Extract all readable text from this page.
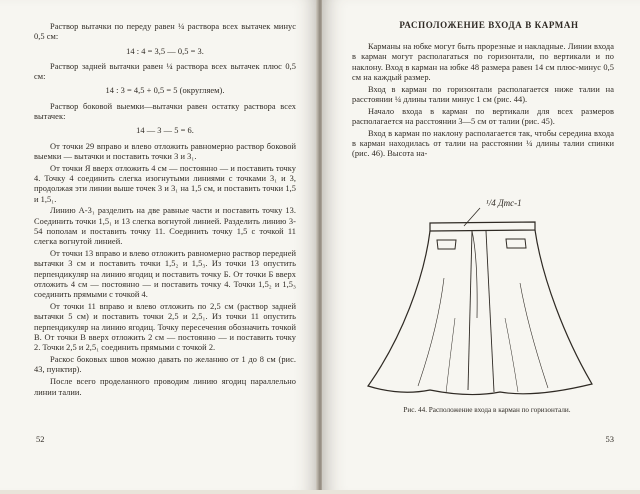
Раствор вытачки по переду равен ¼ раствора всех вытачек минус 0,5 см:

14 : 4 = 3,5 — 0,5 = 3.

Раствор задней вытачки равен ¼ раствора всех вытачек плюс 0,5 см:

14 : 3 = 4,5 + 0,5 = 5 (округляем).

Раствор боковой выемки—вытачки равен остатку раствора всех вытачек:

14 — 3 — 5 = 6.

От точки 29 вправо и влево отложить равномерно раствор боковой выемки — вытачки и поставить точки 3 и 3₁.

От точки Я вверх отложить 4 см — постоянно — и поставить точку 4. Точку 4 соединить слегка изогнутыми линиями с точками 3₁ и 3, продолжая эти линии выше точек 3 и 3₁ на 1,5 см, и поставить точки 1,5 и 1,5₁.

Линию А-3₁ разделить на две равные части и поставить точку 13. Соединить точки 1,5₁ и 13 слегка вогнутой линией. Разделить линию 3-54 пополам и поставить точку 11. Соединить точку 1,5 с точкой 11 слегка вогнутой линией.

От точки 13 вправо и влево отложить равномерно раствор передней вытачки 3 см и поставить точки 1,5₂ и 1,5₃. Из точки 13 опустить перпендикуляр на линию ягодиц и поставить точку Б. От точки Б вверх отложить 4 см — постоянно — и поставить точку 4. Точки 1,5₂ и 1,5₃ соединить прямыми с точкой 4.

От точки 11 вправо и влево отложить по 2,5 см (раствор задней вытачки 5 см) и поставить точки 2,5 и 2,5₁. Из точки 11 опустить перпендикуляр на линию ягодиц. Точку пересечения обозначить точкой В. От точки В вверх отложить 2 см — постоянно — и поставить точку 2. Точки 2,5 и 2,5₁ соединить прямыми с точкой 2.

Раскос боковых швов можно давать по желанию от 1 до 8 см (рис. 43, пунктир).

После всего проделанного проводим линию ягодиц параллельно линии талии.

52
РАСПОЛОЖЕНИЕ ВХОДА В КАРМАН

Карманы на юбке могут быть прорезные и накладные. Линии входа в карман могут располагаться по горизонтали, по вертикали и по наклону. Вход в карман на юбке 48 размера равен 14 см плюс-минус 0,5 см на каждый размер.

Вход в карман по горизонтали располагается ниже талии на расстоянии ¼ длины талии минус 1 см (рис. 44).

Начало входа в карман по вертикали для всех размеров располагается на расстоянии 3—5 см от талии (рис. 45).

Вход в карман по наклону располагается так, чтобы середина входа в карман находилась от талии на расстоянии ¼ длины талии спинки (рис. 46). Высота на-

¹/4 Дтс-1
Рис. 44. Расположение входа в карман по горизонтали.
53
